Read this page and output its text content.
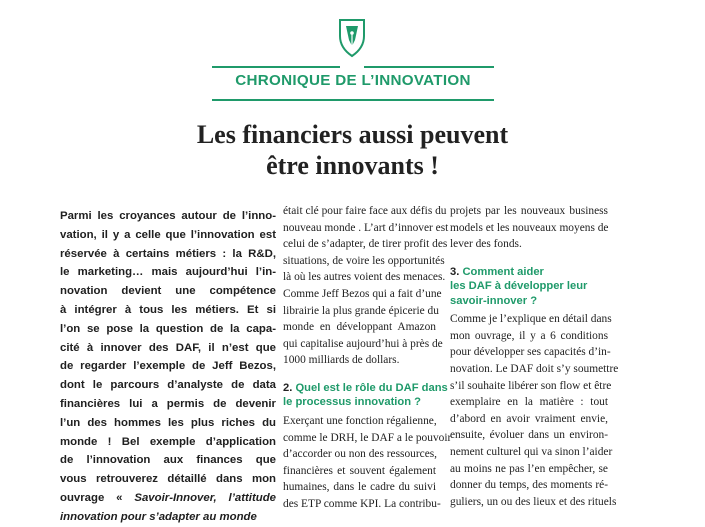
CHRONIQUE DE L’INNOVATION
Les financiers aussi peuvent
être innovants !
Parmi les croyances autour de l’inno-
vation, il y a celle que l’innovation est
réservée à certains métiers : la R&D,
le marketing… mais aujourd’hui l’in-
novation devient une compétence
à intégrer à tous les métiers. Et si
l’on se pose la question de la capa-
cité à innover des DAF, il n’est que
de regarder l’exemple de Jeff Bezos,
dont le parcours d’analyste de data
financières lui a permis de devenir
l’un des hommes les plus riches du
monde ! Bel exemple d’application
de l’innovation aux finances que
vous retrouverez détaillé dans mon
ouvrage « Savoir-Innover, l’attitude
innovation pour s’adapter au monde
était clé pour faire face aux défis du
nouveau monde . L’art d’innover est
celui de s’adapter, de tirer profit des
situations, de voire les opportunités
là où les autres voient des menaces.
Comme Jeff Bezos qui a fait d’une
librairie la plus grande épicerie du
monde en développant Amazon
qui capitalise aujourd’hui à près de
1000 milliards de dollars.
2. Quel est le rôle du DAF dans
le processus innovation ?
Exerçant une fonction régalienne,
comme le DRH, le DAF a le pouvoir
d’accorder ou non des ressources,
financières et souvent également
humaines, dans le cadre du suivi
des ETP comme KPI. La contribu-
projets par les nouveaux business
models et les nouveaux moyens de
lever des fonds.
3. Comment aider
les DAF à développer leur
savoir-innover ?
Comme je l’explique en détail dans
mon ouvrage, il y a 6 conditions
pour développer ses capacités d’in-
novation. Le DAF doit s’y soumettre
s’il souhaite libérer son flow et être
exemplaire en la matière : tout
d’abord en avoir vraiment envie,
ensuite, évoluer dans un environ-
nement culturel qui va sinon l’aider
au moins ne pas l’en empêcher, se
donner du temps, des moments ré-
guliers, un ou des lieux et des rituels
